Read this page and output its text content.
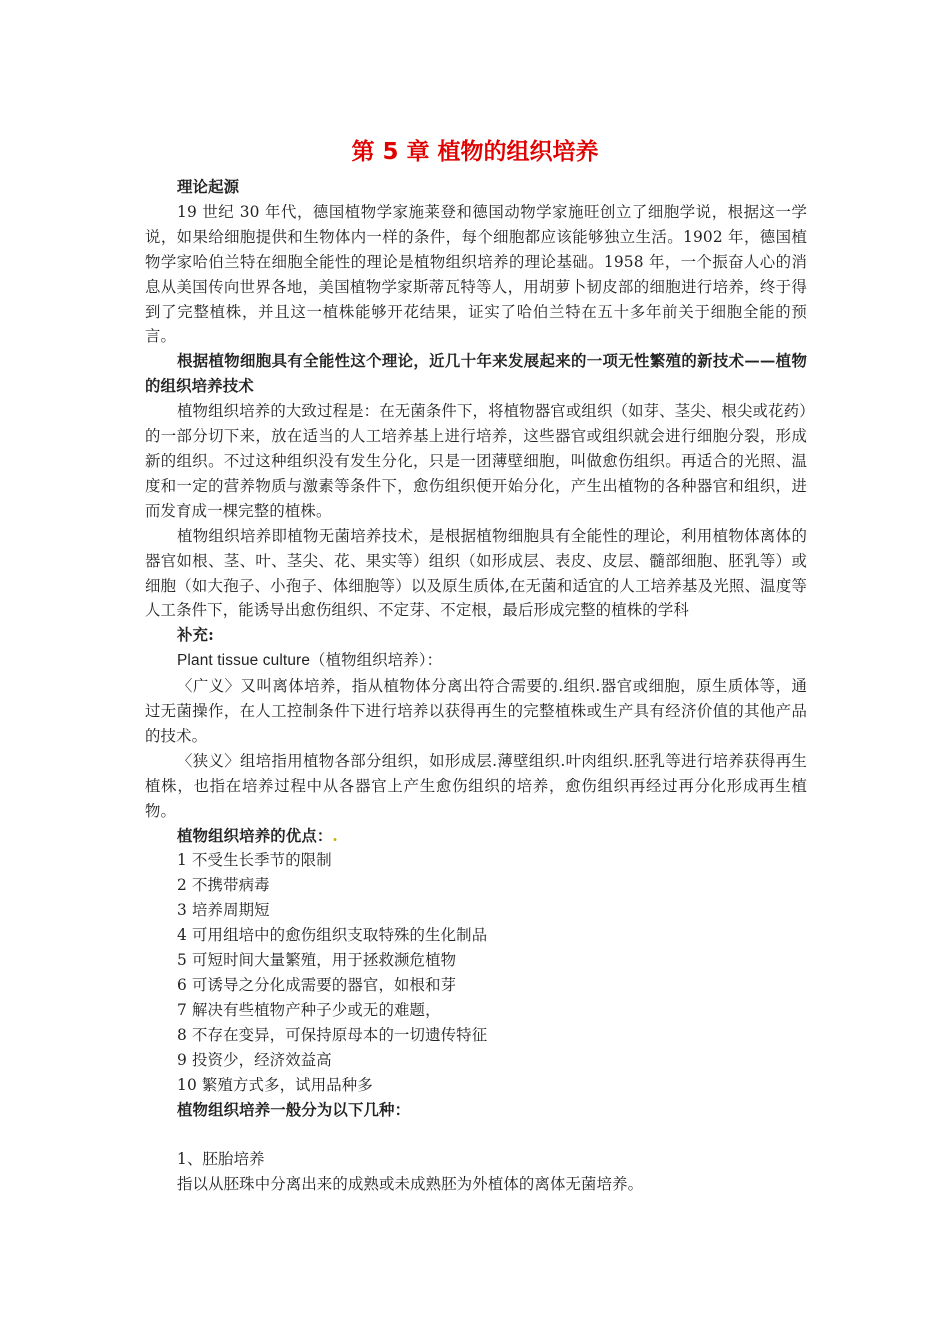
第 5 章 植物的组织培养

理论起源

19 世纪 30 年代，德国植物学家施莱登和德国动物学家施旺创立了细胞学说，根据这一学说，如果给细胞提供和生物体内一样的条件，每个细胞都应该能够独立生活。1902 年，德国植物学家哈伯兰特在细胞全能性的理论是植物组织培养的理论基础。1958 年，一个振奋人心的消息从美国传向世界各地，美国植物学家斯蒂瓦特等人，用胡萝卜韧皮部的细胞进行培养，终于得到了完整植株，并且这一植株能够开花结果，证实了哈伯兰特在五十多年前关于细胞全能的预言。

根据植物细胞具有全能性这个理论，近几十年来发展起来的一项无性繁殖的新技术——植物的组织培养技术

植物组织培养的大致过程是：在无菌条件下，将植物器官或组织（如芽、茎尖、根尖或花药）的一部分切下来，放在适当的人工培养基上进行培养，这些器官或组织就会进行细胞分裂，形成新的组织。不过这种组织没有发生分化，只是一团薄壁细胞，叫做愈伤组织。再适合的光照、温度和一定的营养物质与激素等条件下，愈伤组织便开始分化，产生出植物的各种器官和组织，进而发育成一棵完整的植株。

植物组织培养即植物无菌培养技术，是根据植物细胞具有全能性的理论，利用植物体离体的器官如根、茎、叶、茎尖、花、果实等）组织（如形成层、表皮、皮层、髓部细胞、胚乳等）或细胞（如大孢子、小孢子、体细胞等）以及原生质体,在无菌和适宜的人工培养基及光照、温度等人工条件下，能诱导出愈伤组织、不定芽、不定根，最后形成完整的植株的学科

补充:

Plant tissue culture（植物组织培养）：

〈广义〉又叫离体培养，指从植物体分离出符合需要的.组织.器官或细胞，原生质体等，通过无菌操作，在人工控制条件下进行培养以获得再生的完整植株或生产具有经济价值的其他产品的技术。

〈狭义〉组培指用植物各部分组织，如形成层.薄壁组织.叶肉组织.胚乳等进行培养获得再生植株，也指在培养过程中从各器官上产生愈伤组织的培养，愈伤组织再经过再分化形成再生植物。

植物组织培养的优点：.

1 不受生长季节的限制

2 不携带病毒

3 培养周期短

4 可用组培中的愈伤组织支取特殊的生化制品

5 可短时间大量繁殖，用于拯救濒危植物

6 可诱导之分化成需要的器官，如根和芽

7 解决有些植物产种子少或无的难题，

8 不存在变异，可保持原母本的一切遗传特征

9 投资少，经济效益高

10 繁殖方式多，试用品种多

植物组织培养一般分为以下几种：

1、胚胎培养

指以从胚珠中分离出来的成熟或未成熟胚为外植体的离体无菌培养。
